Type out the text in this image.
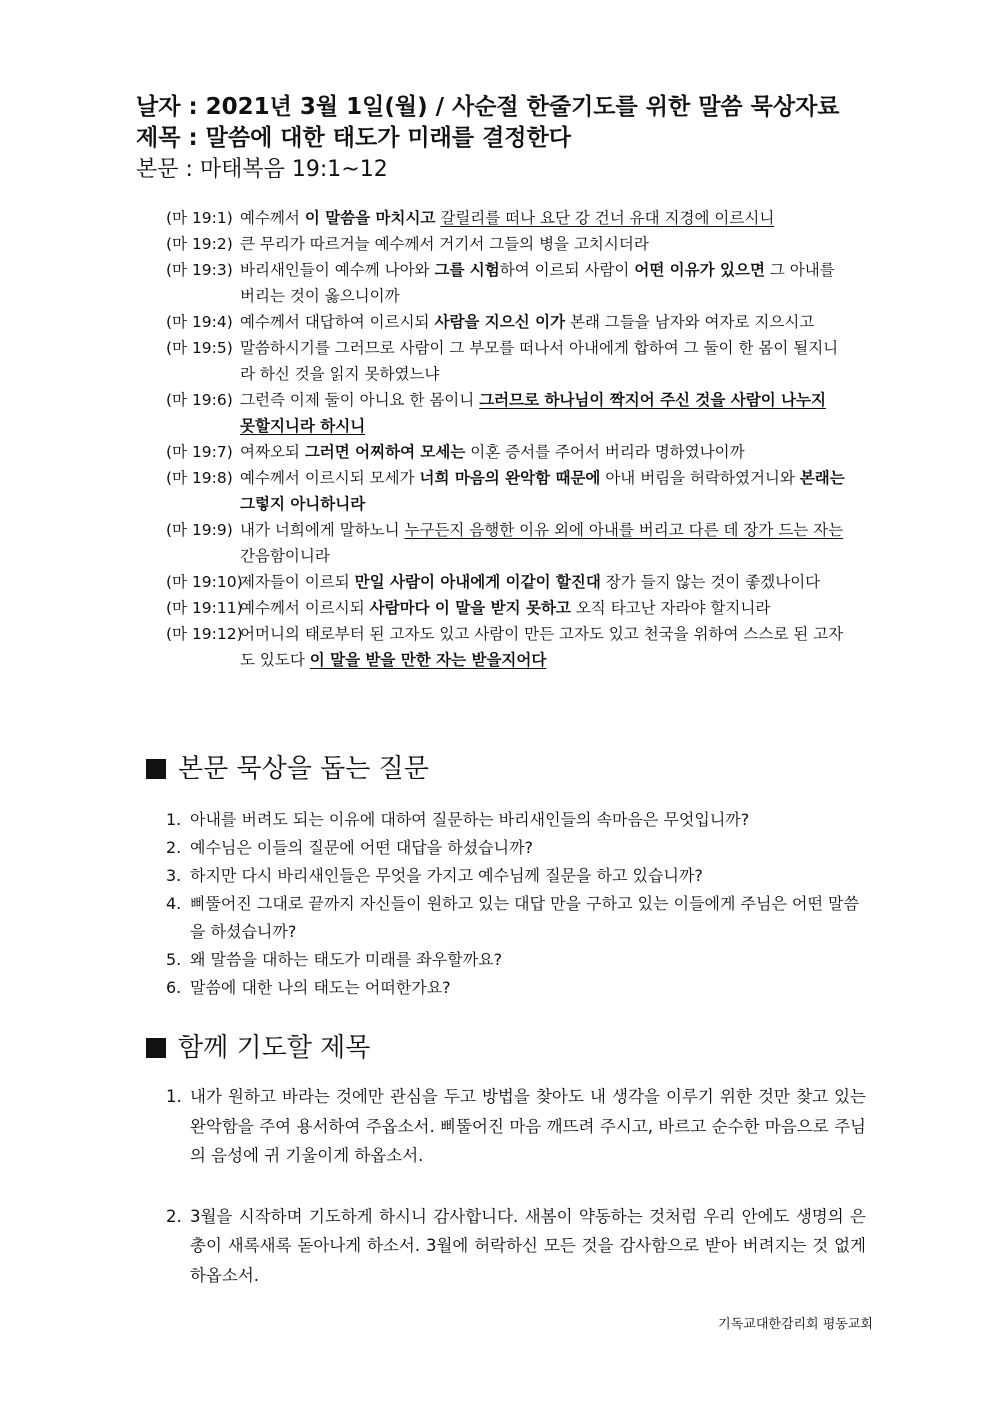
날자 : 2021년 3월 1일(월) / 사순절 한줄기도를 위한 말씀 묵상자료
제목 : 말씀에 대한 태도가 미래를 결정한다
본문 : 마태복음 19:1~12
(마 19:1) 예수께서 이 말씀을 마치시고 갈릴리를 떠나 요단 강 건너 유대 지경에 이르시니
(마 19:2) 큰 무리가 따르거늘 예수께서 거기서 그들의 병을 고치시더라
(마 19:3) 바리새인들이 예수께 나아와 그를 시험하여 이르되 사람이 어떤 이유가 있으면 그 아내를 버리는 것이 옳으니이까
(마 19:4) 예수께서 대답하여 이르시되 사람을 지으신 이가 본래 그들을 남자와 여자로 지으시고
(마 19:5) 말씀하시기를 그러므로 사람이 그 부모를 떠나서 아내에게 합하여 그 둘이 한 몸이 될지니라 하신 것을 읽지 못하였느냐
(마 19:6) 그런즉 이제 둘이 아니요 한 몸이니 그러므로 하나님이 짝지어 주신 것을 사람이 나누지 못할지니라 하시니
(마 19:7) 여짜오되 그러면 어찌하여 모세는 이혼 증서를 주어서 버리라 명하였나이까
(마 19:8) 예수께서 이르시되 모세가 너희 마음의 완악함 때문에 아내 버림을 허락하였거니와 본래는 그렇지 아니하니라
(마 19:9) 내가 너희에게 말하노니 누구든지 음행한 이유 외에 아내를 버리고 다른 데 장가 드는 자는 간음함이니라
(마 19:10)
제자들이 이르되 만일 사람이 아내에게 이같이 할진대 장가 들지 않는 것이 좋겠나이다
(마 19:11)
예수께서 이르시되 사람마다 이 말을 받지 못하고 오직 타고난 자라야 할지니라
(마 19:12)
어머니의 태로부터 된 고자도 있고 사람이 만든 고자도 있고 천국을 위하여 스스로 된 고자도 있도다 이 말을 받을 만한 자는 받을지어다
본문 묵상을 돕는 질문
1. 아내를 버려도 되는 이유에 대하여 질문하는 바리새인들의 속마음은 무엇입니까?
2. 예수님은 이들의 질문에 어떤 대답을 하셨습니까?
3. 하지만 다시 바리새인들은 무엇을 가지고 예수님께 질문을 하고 있습니까?
4. 삐뚤어진 그대로 끝까지 자신들이 원하고 있는 대답 만을 구하고 있는 이들에게 주님은 어떤 말씀을 하셨습니까?
5. 왜 말씀을 대하는 태도가 미래를 좌우할까요?
6. 말씀에 대한 나의 태도는 어떠한가요?
함께 기도할 제목
1. 내가 원하고 바라는 것에만 관심을 두고 방법을 찾아도 내 생각을 이루기 위한 것만 찾고 있는 완악함을 주여 용서하여 주옵소서. 삐뚤어진 마음 깨뜨려 주시고, 바르고 순수한 마음으로 주님의 음성에 귀 기울이게 하옵소서.
2. 3월을 시작하며 기도하게 하시니 감사합니다. 새봄이 약동하는 것처럼 우리 안에도 생명의 은총이 새록새록 돋아나게 하소서. 3월에 허락하신 모든 것을 감사함으로 받아 버려지는 것 없게 하옵소서.
기독교대한감리회 평동교회
